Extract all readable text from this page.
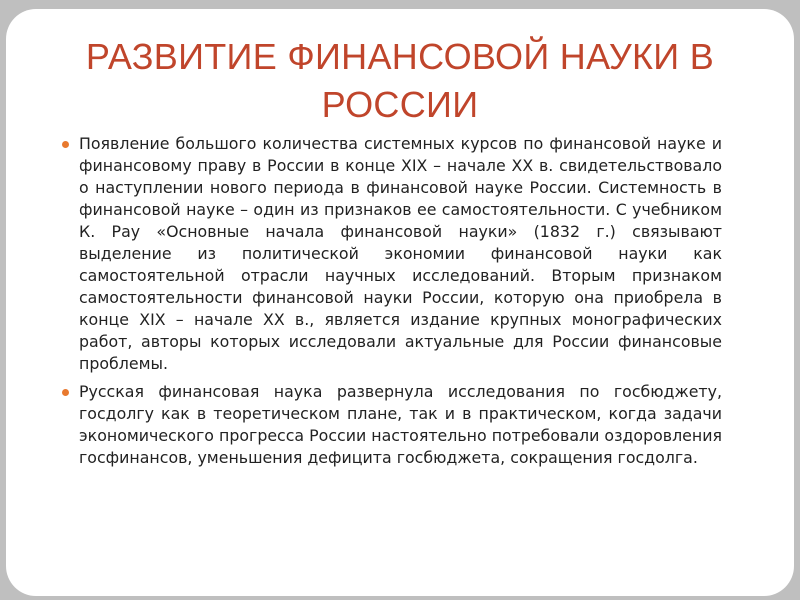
РАЗВИТИЕ ФИНАНСОВОЙ НАУКИ В РОССИИ
Появление большого количества системных курсов по финансовой науке и финансовому праву в России в конце XIX – начале XX в. свидетельствовало о наступлении нового периода в финансовой науке России. Системность в финансовой науке – один из признаков ее самостоятельности. С учебником К. Рау «Основные начала финансовой науки» (1832 г.) связывают выделение из политической экономии финансовой науки как самостоятельной отрасли научных исследований. Вторым признаком самостоятельности финансовой науки России, которую она приобрела в конце XIX – начале XX в., является издание крупных монографических работ, авторы которых исследовали актуальные для России финансовые проблемы.
Русская финансовая наука развернула исследования по госбюджету, госдолгу как в теоретическом плане, так и в практическом, когда задачи экономического прогресса России настоятельно потребовали оздоровления госфинансов, уменьшения дефицита госбюджета, сокращения госдолга.
